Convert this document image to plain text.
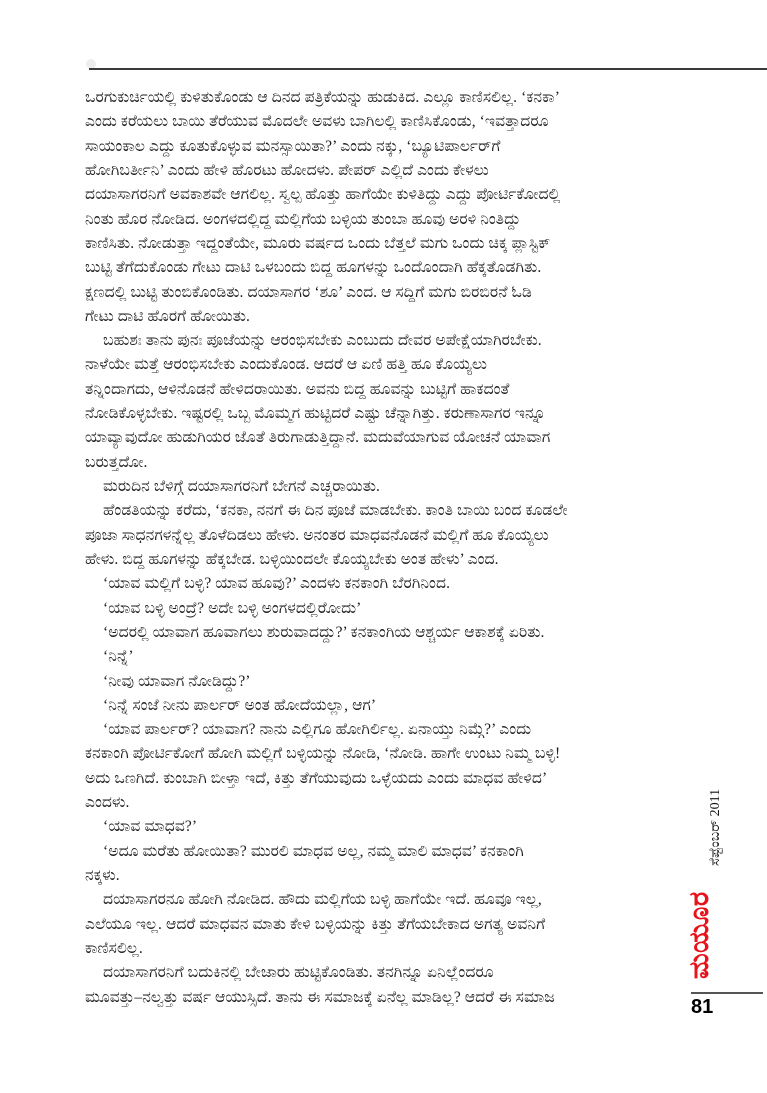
ಒರಗುಕುರ್ಚಿಯಲ್ಲಿ ಕುಳಿತುಕೊಂಡು ಆ ದಿನದ ಪತ್ರಿಕೆಯನ್ನು ಹುಡುಕಿದ. ಎಲ್ಲೂ ಕಾಣಿಸಲಿಲ್ಲ. ‘ಕನಕಾ’
ಎಂದು ಕರೆಯಲು ಬಾಯಿ ತೆರೆಯುವ ಮೊದಲೇ ಅವಳು ಬಾಗಿಲಲ್ಲಿ ಕಾಣಿಸಿಕೊಂಡು, ‘ಇವತ್ತಾದರೂ
ಸಾಯಂಕಾಲ ಎದ್ದು ಕೂತುಕೊಳ್ಳುವ ಮನಸ್ಸಾಯಿತಾ?’ ಎಂದು ನಕ್ಕು, ‘ಬ್ಯೂಟಿಪಾರ್ಲರ್‌ಗೆ
ಹೋಗಿಬರ್ತೀನಿ’ ಎಂದು ಹೇಳಿ ಹೊರಟು ಹೋದಳು. ಪೇಪರ್ ಎಲ್ಲಿದೆ ಎಂದು ಕೇಳಲು
ದಯಾಸಾಗರನಿಗೆ ಅವಕಾಶವೇ ಆಗಲಿಲ್ಲ. ಸ್ವಲ್ಪ ಹೊತ್ತು ಹಾಗೆಯೇ ಕುಳಿತಿದ್ದು ಎದ್ದು ಪೋರ್ಟಿಕೋದಲ್ಲಿ
ನಿಂತು ಹೊರ ನೋಡಿದ. ಅಂಗಳದಲ್ಲಿದ್ದ ಮಲ್ಲಿಗೆಯ ಬಳ್ಳಿಯ ತುಂಬಾ ಹೂವು ಅರಳಿ ನಿಂತಿದ್ದು
ಕಾಣಿಸಿತು. ನೋಡುತ್ತಾ ಇದ್ದಂತೆಯೇ, ಮೂರು ವರ್ಷದ ಒಂದು ಬೆತ್ತಲೆ ಮಗು ಒಂದು ಚಿಕ್ಕ ಪ್ಲಾಸ್ಟಿಕ್
ಬುಟ್ಟಿ ತೆಗೆದುಕೊಂಡು ಗೇಟು ದಾಟಿ ಒಳಬಂದು ಬಿದ್ದ ಹೂಗಳನ್ನು ಒಂದೊಂದಾಗಿ ಹೆಕ್ಕತೊಡಗಿತು.
ಕ್ಷಣದಲ್ಲಿ ಬುಟ್ಟಿ ತುಂಬಿಕೊಂಡಿತು. ದಯಾಸಾಗರ ‘ಶೂ’ ಎಂದ. ಆ ಸದ್ದಿಗೆ ಮಗು ಬಿರಬಿರನೆ ಓಡಿ
ಗೇಟು ದಾಟಿ ಹೊರಗೆ ಹೋಯಿತು.
ಬಹುಶಃ ತಾನು ಪುನಃ ಪೂಜೆಯನ್ನು ಆರಂಭಿಸಬೇಕು ಎಂಬುದು ದೇವರ ಅಪೇಕ್ಷೆಯಾಗಿರಬೇಕು.
ನಾಳೆಯೇ ಮತ್ತೆ ಆರಂಭಿಸಬೇಕು ಎಂದುಕೊಂಡ. ಆದರೆ ಆ ಏಣಿ ಹತ್ತಿ ಹೂ ಕೊಯ್ಯಲು
ತನ್ನಿಂದಾಗದು, ಆಳಿನೊಡನೆ ಹೇಳಿದರಾಯಿತು. ಅವನು ಬಿದ್ದ ಹೂವನ್ನು ಬುಟ್ಟಿಗೆ ಹಾಕದಂತೆ
ನೋಡಿಕೊಳ್ಳಬೇಕು. ಇಷ್ಟರಲ್ಲಿ ಒಬ್ಬ ಮೊಮ್ಮಗ ಹುಟ್ಟಿದರೆ ಎಷ್ಟು ಚೆನ್ನಾಗಿತ್ತು. ಕರುಣಾಸಾಗರ ಇನ್ನೂ
ಯಾವ್ಯಾವುದೋ ಹುಡುಗಿಯರ ಜೊತೆ ತಿರುಗಾಡುತ್ತಿದ್ದಾನೆ. ಮದುವೆಯಾಗುವ ಯೋಚನೆ ಯಾವಾಗ
ಬರುತ್ತದೋ.
ಮರುದಿನ ಬೆಳಿಗ್ಗೆ ದಯಾಸಾಗರನಿಗೆ ಬೇಗನೆ ಎಚ್ಚರಾಯಿತು.
ಹೆಂಡತಿಯನ್ನು ಕರೆದು, ‘ಕನಕಾ, ನನಗೆ ಈ ದಿನ ಪೂಜೆ ಮಾಡಬೇಕು. ಕಾಂತಿ ಬಾಯಿ ಬಂದ ಕೂಡಲೇ
ಪೂಜಾ ಸಾಧನಗಳನ್ನೆಲ್ಲ ತೊಳೆದಿಡಲು ಹೇಳು. ಅನಂತರ ಮಾಧವನೊಡನೆ ಮಲ್ಲಿಗೆ ಹೂ ಕೊಯ್ಯಲು
ಹೇಳು. ಬಿದ್ದ ಹೂಗಳನ್ನು ಹೆಕ್ಕಬೇಡ. ಬಳ್ಳಿಯಿಂದಲೇ ಕೊಯ್ಯಬೇಕು ಅಂತ ಹೇಳು’ ಎಂದ.
‘ಯಾವ ಮಲ್ಲಿಗೆ ಬಳ್ಳಿ? ಯಾವ ಹೂವು?’ ಎಂದಳು ಕನಕಾಂಗಿ ಬೆರಗಿನಿಂದ.
‘ಯಾವ ಬಳ್ಳಿ ಅಂದ್ರೆ? ಅದೇ ಬಳ್ಳಿ ಅಂಗಳದಲ್ಲಿರೋದು’
‘ಅದರಲ್ಲಿ ಯಾವಾಗ ಹೂವಾಗಲು ಶುರುವಾದದ್ದು?’ ಕನಕಾಂಗಿಯ ಆಶ್ಚರ್ಯ ಆಕಾಶಕ್ಕೆ ಏರಿತು.
‘ನಿನ್ನೆ’
‘ನೀವು ಯಾವಾಗ ನೋಡಿದ್ದು?’
‘ನಿನ್ನೆ ಸಂಜೆ ನೀನು ಪಾರ್ಲರ್ ಅಂತ ಹೋದೆಯಲ್ಲಾ, ಆಗ’
‘ಯಾವ ಪಾರ್ಲರ್? ಯಾವಾಗ? ನಾನು ಎಲ್ಲಿಗೂ ಹೋಗಿರ್ಲಿಲ್ಲ. ಏನಾಯ್ತು ನಿಮ್ಗೆ?’ ಎಂದು
ಕನಕಾಂಗಿ ಪೋರ್ಟಿಕೋಗೆ ಹೋಗಿ ಮಲ್ಲಿಗೆ ಬಳ್ಳಿಯನ್ನು ನೋಡಿ, ‘ನೋಡಿ. ಹಾಗೇ ಉಂಟು ನಿಮ್ಮ ಬಳ್ಳಿ!
ಅದು ಒಣಗಿದೆ. ಕುಂಬಾಗಿ ಬೀಳ್ತಾ ಇದೆ, ಕಿತ್ತು ತೆಗೆಯುವುದು ಒಳ್ಳೆಯದು ಎಂದು ಮಾಧವ ಹೇಳಿದ’
ಎಂದಳು.
‘ಯಾವ ಮಾಧವ?’
‘ಅದೂ ಮರೆತು ಹೋಯಿತಾ? ಮುರಲಿ ಮಾಧವ ಅಲ್ಲ, ನಮ್ಮ ಮಾಲಿ ಮಾಧವ’ ಕನಕಾಂಗಿ
ನಕ್ಕಳು.
ದಯಾಸಾಗರನೂ ಹೋಗಿ ನೋಡಿದ. ಹೌದು ಮಲ್ಲಿಗೆಯ ಬಳ್ಳಿ ಹಾಗೆಯೇ ಇದೆ. ಹೂವೂ ಇಲ್ಲ,
ಎಲೆಯೂ ಇಲ್ಲ. ಆದರೆ ಮಾಧವನ ಮಾತು ಕೇಳಿ ಬಳ್ಳಿಯನ್ನು ಕಿತ್ತು ತೆಗೆಯಬೇಕಾದ ಅಗತ್ಯ ಅವನಿಗೆ
ಕಾಣಿಸಲಿಲ್ಲ.
ದಯಾಸಾಗರನಿಗೆ ಬದುಕಿನಲ್ಲಿ ಬೇಜಾರು ಹುಟ್ಟಿಕೊಂಡಿತು. ತನಗಿನ್ನೂ ಏನಿಲ್ಲೆಂದರೂ
ಮೂವತ್ತು–ನಲ್ವತ್ತು ವರ್ಷ ಆಯುಸ್ಸಿದೆ. ತಾನು ಈ ಸಮಾಜಕ್ಕೆ ಏನೆಲ್ಲ ಮಾಡಿಲ್ಲ? ಆದರೆ ಈ ಸಮಾಜ
ಸೆಪ್ಟೆಂಬರ್ 2011
ಮಯೂರ
81
